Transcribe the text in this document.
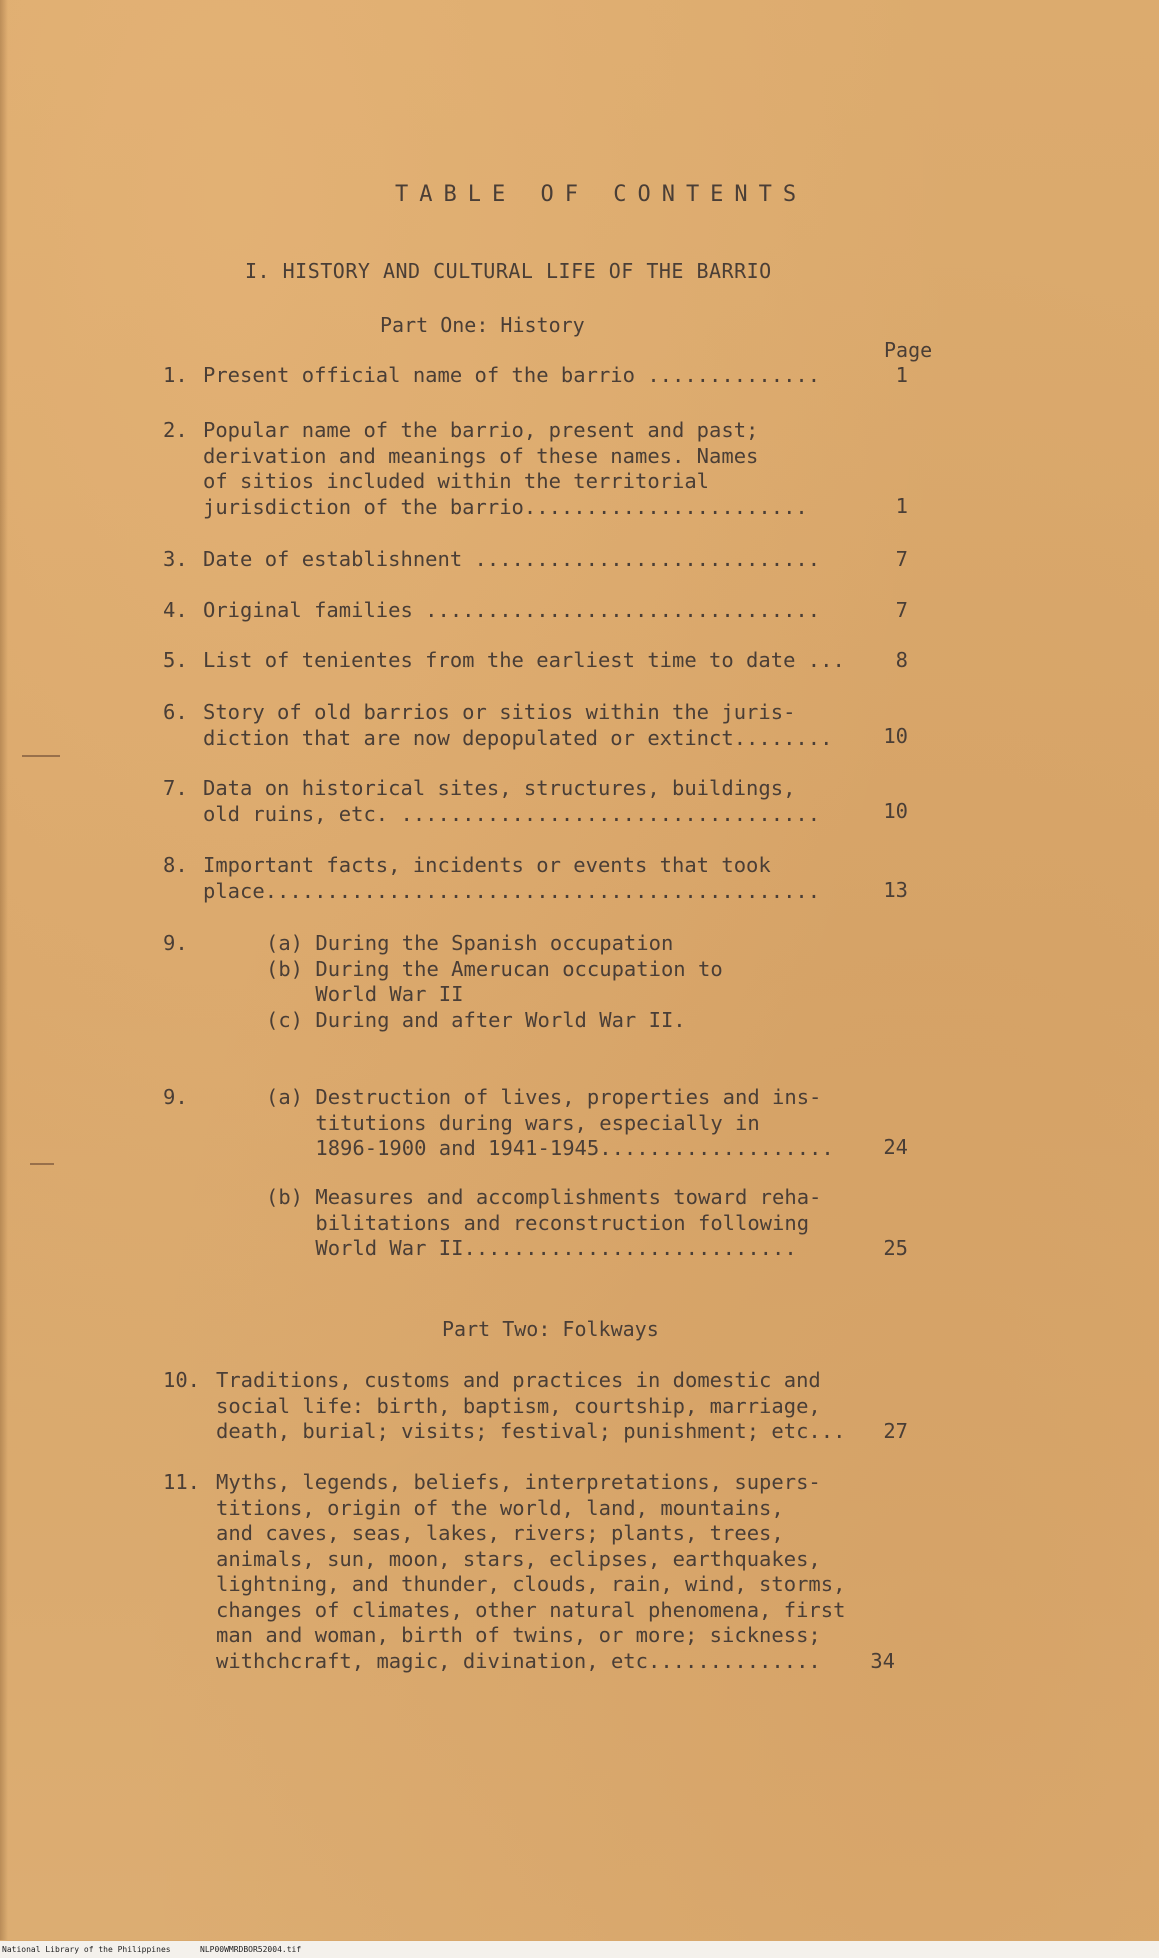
TABLE OF CONTENTS
I. HISTORY AND CULTURAL LIFE OF THE BARRIO
Part One: History
Page
1. Present official name of the barrio ..............	1
2. Popular name of the barrio, present and past;
derivation and meanings of these names. Names
of sitios included within the territorial
jurisdiction of the barrio.......................	1
3. Date of establishnent ............................	7
4. Original families ................................	7
5. List of tenientes from the earliest time to date ...	8
6. Story of old barrios or sitios within the juris-
diction that are now depopulated or extinct........	10
7. Data on historical sites, structures, buildings,
old ruins, etc. ..................................	10
8. Important facts, incidents or events that took
place.............................................	13
9.	(a) During the Spanish occupation
(b) During the Amerucan occupation to
World War II
(c) During and after World War II.
9.	(a) Destruction of lives, properties and ins-
titutions during wars, especially in
1896-1900 and 1941-1945...................	24
(b) Measures and accomplishments toward reha-
bilitations and reconstruction following
World War II...........................	25
Part Two: Folkways
10. Traditions, customs and practices in domestic and
social life: birth, baptism, courtship, marriage,
death, burial; visits; festival; punishment; etc...	27
11. Myths, legends, beliefs, interpretations, supers-
titions, origin of the world, land, mountains,
and caves, seas, lakes, rivers; plants, trees,
animals, sun, moon, stars, eclipses, earthquakes,
lightning, and thunder, clouds, rain, wind, storms,
changes of climates, other natural phenomena, first
man and woman, birth of twins, or more; sickness;
withchcraft, magic, divination, etc..............	34
National Library of the Philippines	NLP00WMRDBOR52004.tif
